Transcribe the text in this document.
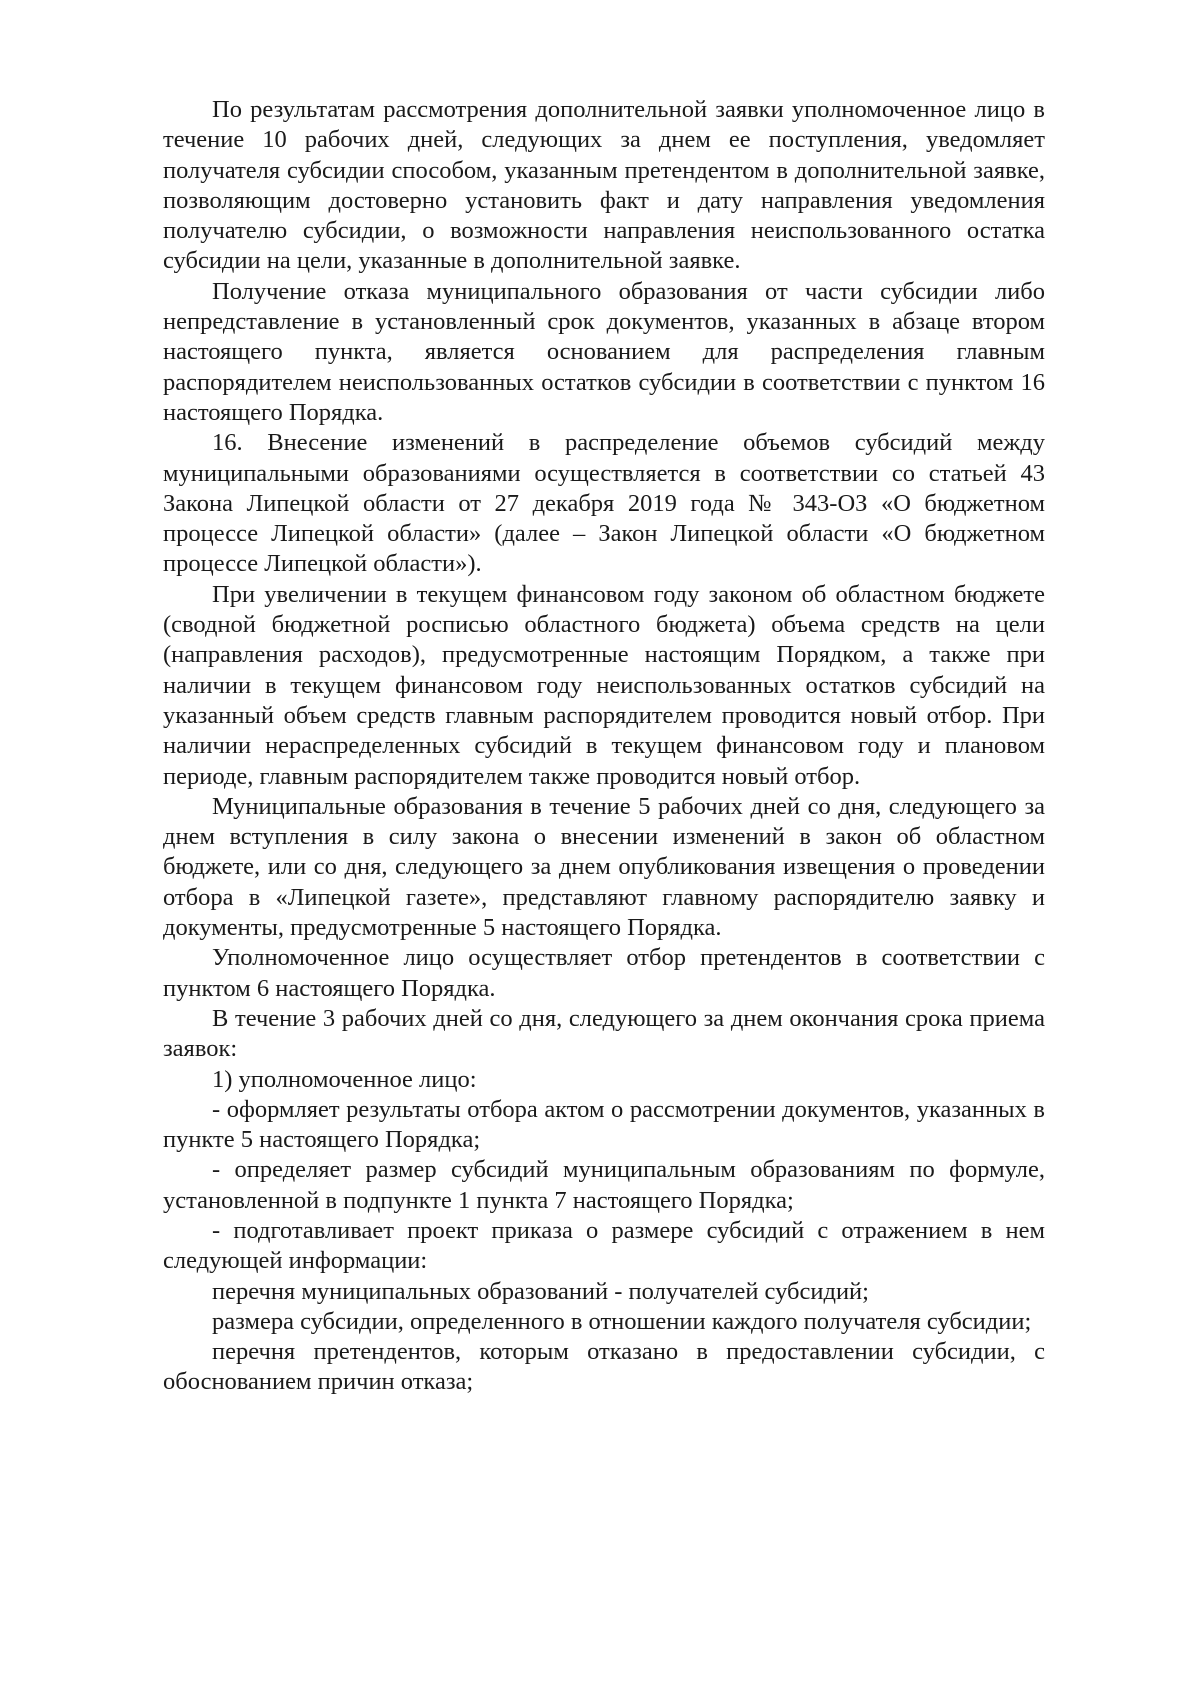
По результатам рассмотрения дополнительной заявки уполномоченное лицо в течение 10 рабочих дней, следующих за днем ее поступления, уведомляет получателя субсидии способом, указанным претендентом в дополнительной заявке, позволяющим достоверно установить факт и дату направления уведомления получателю субсидии, о возможности направления неиспользованного остатка субсидии на цели, указанные в дополнительной заявке.

Получение отказа муниципального образования от части субсидии либо непредставление в установленный срок документов, указанных в абзаце втором настоящего пункта, является основанием для распределения главным распорядителем неиспользованных остатков субсидии в соответствии с пунктом 16 настоящего Порядка.

16. Внесение изменений в распределение объемов субсидий между муниципальными образованиями осуществляется в соответствии со статьей 43 Закона Липецкой области от 27 декабря 2019 года № 343-ОЗ «О бюджетном процессе Липецкой области» (далее – Закон Липецкой области «О бюджетном процессе Липецкой области»).

При увеличении в текущем финансовом году законом об областном бюджете (сводной бюджетной росписью областного бюджета) объема средств на цели (направления расходов), предусмотренные настоящим Порядком, а также при наличии в текущем финансовом году неиспользованных остатков субсидий на указанный объем средств главным распорядителем проводится новый отбор. При наличии нераспределенных субсидий в текущем финансовом году и плановом периоде, главным распорядителем также проводится новый отбор.

Муниципальные образования в течение 5 рабочих дней со дня, следующего за днем вступления в силу закона о внесении изменений в закон об областном бюджете, или со дня, следующего за днем опубликования извещения о проведении отбора в «Липецкой газете», представляют главному распорядителю заявку и документы, предусмотренные 5 настоящего Порядка.

Уполномоченное лицо осуществляет отбор претендентов в соответствии с пунктом 6 настоящего Порядка.

В течение 3 рабочих дней со дня, следующего за днем окончания срока приема заявок:

1) уполномоченное лицо:

- оформляет результаты отбора актом о рассмотрении документов, указанных в пункте 5 настоящего Порядка;

- определяет размер субсидий муниципальным образованиям по формуле, установленной в подпункте 1 пункта 7 настоящего Порядка;

- подготавливает проект приказа о размере субсидий с отражением в нем следующей информации:

перечня муниципальных образований - получателей субсидий;

размера субсидии, определенного в отношении каждого получателя субсидии;

перечня претендентов, которым отказано в предоставлении субсидии, с обоснованием причин отказа;
